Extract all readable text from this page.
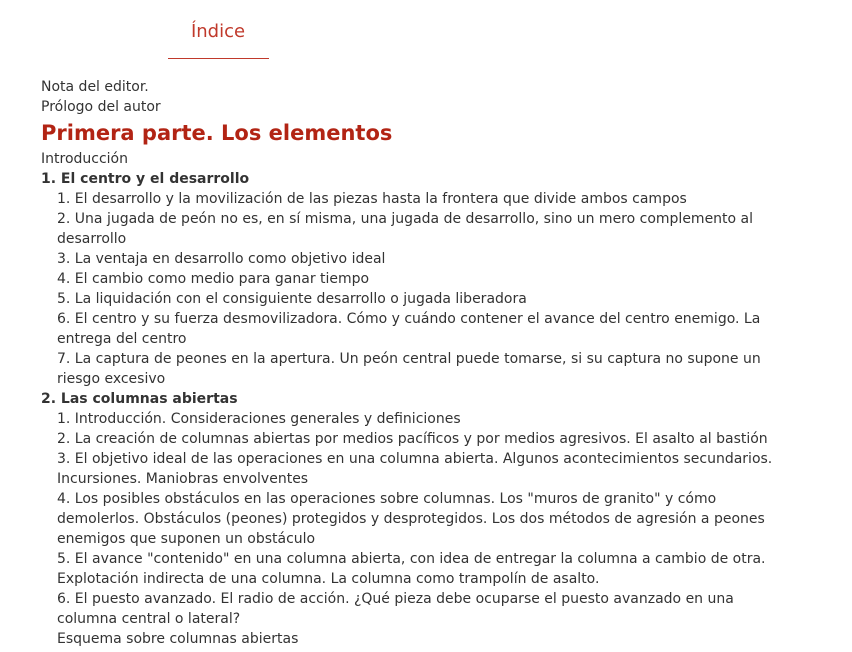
Índice
Nota del editor.
Prólogo del autor
Primera parte. Los elementos
Introducción
1. El centro y el desarrollo
1. El desarrollo y la movilización de las piezas hasta la frontera que divide ambos campos
2. Una jugada de peón no es, en sí misma, una jugada de desarrollo, sino un mero complemento al desarrollo
3. La ventaja en desarrollo como objetivo ideal
4. El cambio como medio para ganar tiempo
5. La liquidación con el consiguiente desarrollo o jugada liberadora
6. El centro y su fuerza desmovilizadora. Cómo y cuándo contener el avance del centro enemigo. La entrega del centro
7. La captura de peones en la apertura. Un peón central puede tomarse, si su captura no supone un riesgo excesivo
2. Las columnas abiertas
1. Introducción. Consideraciones generales y definiciones
2. La creación de columnas abiertas por medios pacíficos y por medios agresivos. El asalto al bastión
3. El objetivo ideal de las operaciones en una columna abierta. Algunos acontecimientos secundarios. Incursiones. Maniobras envolventes
4. Los posibles obstáculos en las operaciones sobre columnas. Los "muros de granito" y cómo demolerlos. Obstáculos (peones) protegidos y desprotegidos. Los dos métodos de agresión a peones enemigos que suponen un obstáculo
5. El avance "contenido" en una columna abierta, con idea de entregar la columna a cambio de otra. Explotación indirecta de una columna. La columna como trampolín de asalto.
6. El puesto avanzado. El radio de acción. ¿Qué pieza debe ocuparse el puesto avanzado en una columna central o lateral?
Esquema sobre columnas abiertas
